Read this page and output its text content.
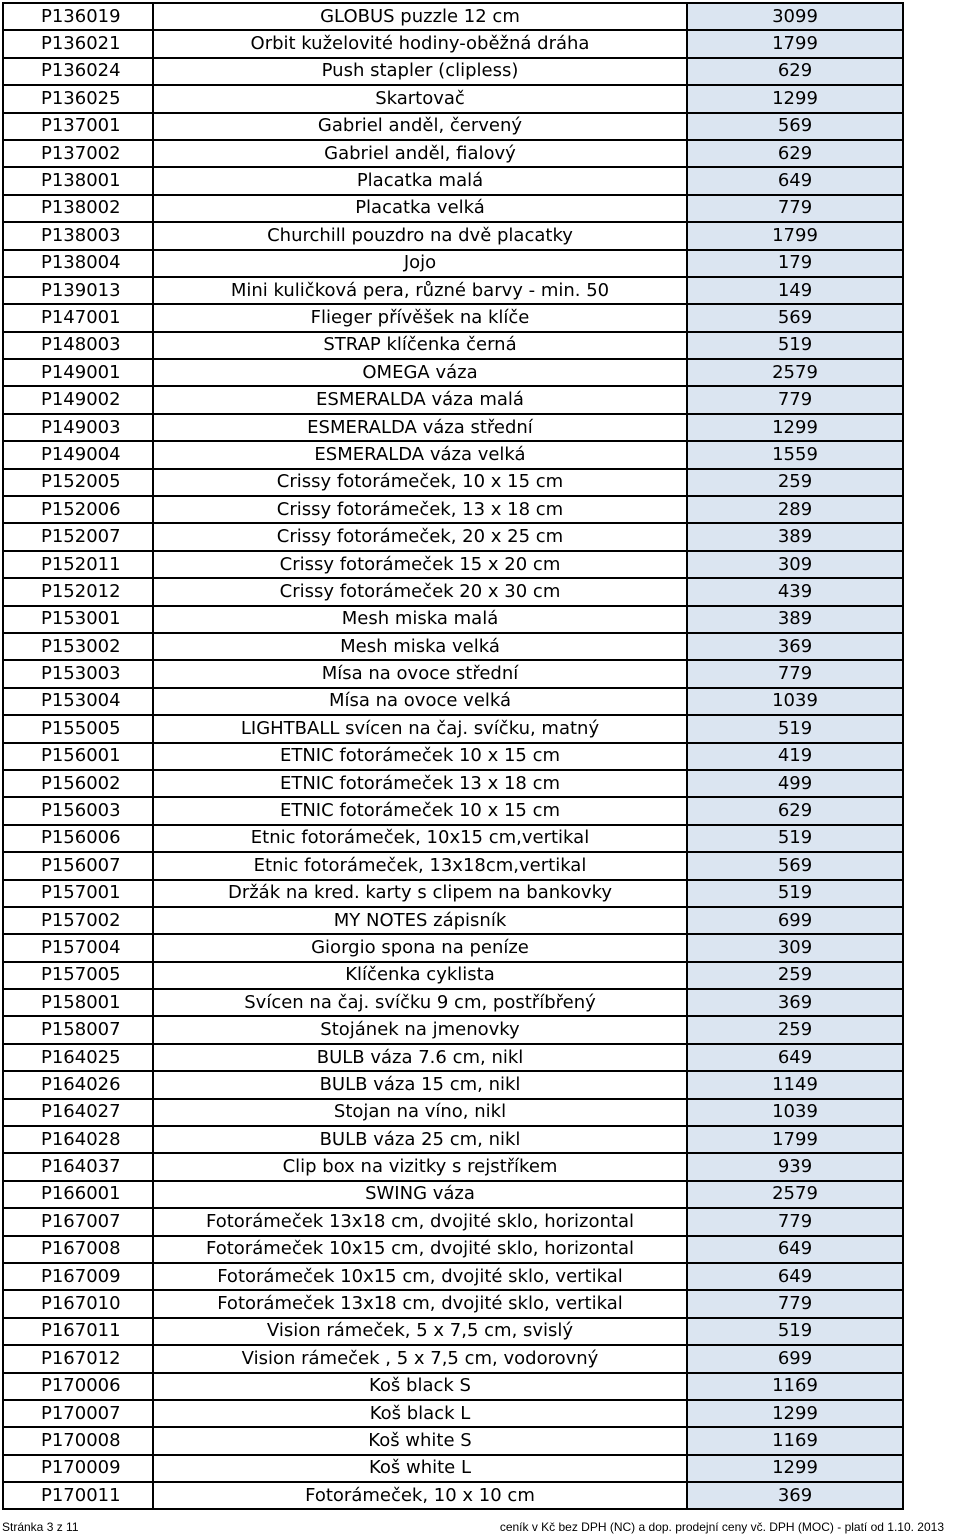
P136019	GLOBUS puzzle 12 cm	3099
P136021	Orbit kuželovité hodiny-oběžná dráha	1799
P136024	Push stapler (clipless)	629
P136025	Skartovač	1299
P137001	Gabriel anděl, červený	569
P137002	Gabriel anděl, fialový	629
P138001	Placatka malá	649
P138002	Placatka velká	779
P138003	Churchill pouzdro na dvě placatky	1799
P138004	Jojo	179
P139013	Mini kuličková pera, různé barvy - min. 50	149
P147001	Flieger přívěšek na klíče	569
P148003	STRAP klíčenka černá	519
P149001	OMEGA váza	2579
P149002	ESMERALDA váza malá	779
P149003	ESMERALDA váza střední	1299
P149004	ESMERALDA váza velká	1559
P152005	Crissy fotorámeček, 10 x 15 cm	259
P152006	Crissy fotorámeček, 13 x 18 cm	289
P152007	Crissy fotorámeček, 20 x 25 cm	389
P152011	Crissy fotorámeček 15 x 20 cm	309
P152012	Crissy fotorámeček 20 x 30 cm	439
P153001	Mesh miska malá	389
P153002	Mesh miska velká	369
P153003	Mísa na ovoce střední	779
P153004	Mísa na ovoce velká	1039
P155005	LIGHTBALL svícen na čaj. svíčku, matný	519
P156001	ETNIC fotorámeček 10 x 15 cm	419
P156002	ETNIC fotorámeček 13 x 18 cm	499
P156003	ETNIC fotorámeček 10 x 15 cm	629
P156006	Etnic fotorámeček, 10x15 cm,vertikal	519
P156007	Etnic fotorámeček, 13x18cm,vertikal	569
P157001	Držák na kred. karty s clipem na bankovky	519
P157002	MY NOTES zápisník	699
P157004	Giorgio spona na peníze	309
P157005	Klíčenka cyklista	259
P158001	Svícen na čaj. svíčku 9 cm, postříbřený	369
P158007	Stojánek na jmenovky	259
P164025	BULB váza 7.6 cm, nikl	649
P164026	BULB váza 15 cm, nikl	1149
P164027	Stojan na víno, nikl	1039
P164028	BULB váza 25 cm, nikl	1799
P164037	Clip box na vizitky s rejstříkem	939
P166001	SWING váza	2579
P167007	Fotorámeček 13x18 cm, dvojité sklo, horizontal	779
P167008	Fotorámeček 10x15 cm, dvojité sklo, horizontal	649
P167009	Fotorámeček 10x15 cm, dvojité sklo, vertikal	649
P167010	Fotorámeček 13x18 cm, dvojité sklo, vertikal	779
P167011	Vision rámeček, 5 x 7,5 cm, svislý	519
P167012	Vision rámeček , 5 x 7,5 cm, vodorovný	699
P170006	Koš black S	1169
P170007	Koš black L	1299
P170008	Koš white S	1169
P170009	Koš white L	1299
P170011	Fotorámeček, 10 x 10 cm	369
Stránka 3 z 11	ceník v Kč bez DPH (NC) a dop. prodejní ceny vč. DPH (MOC) - platí od 1.10. 2013
